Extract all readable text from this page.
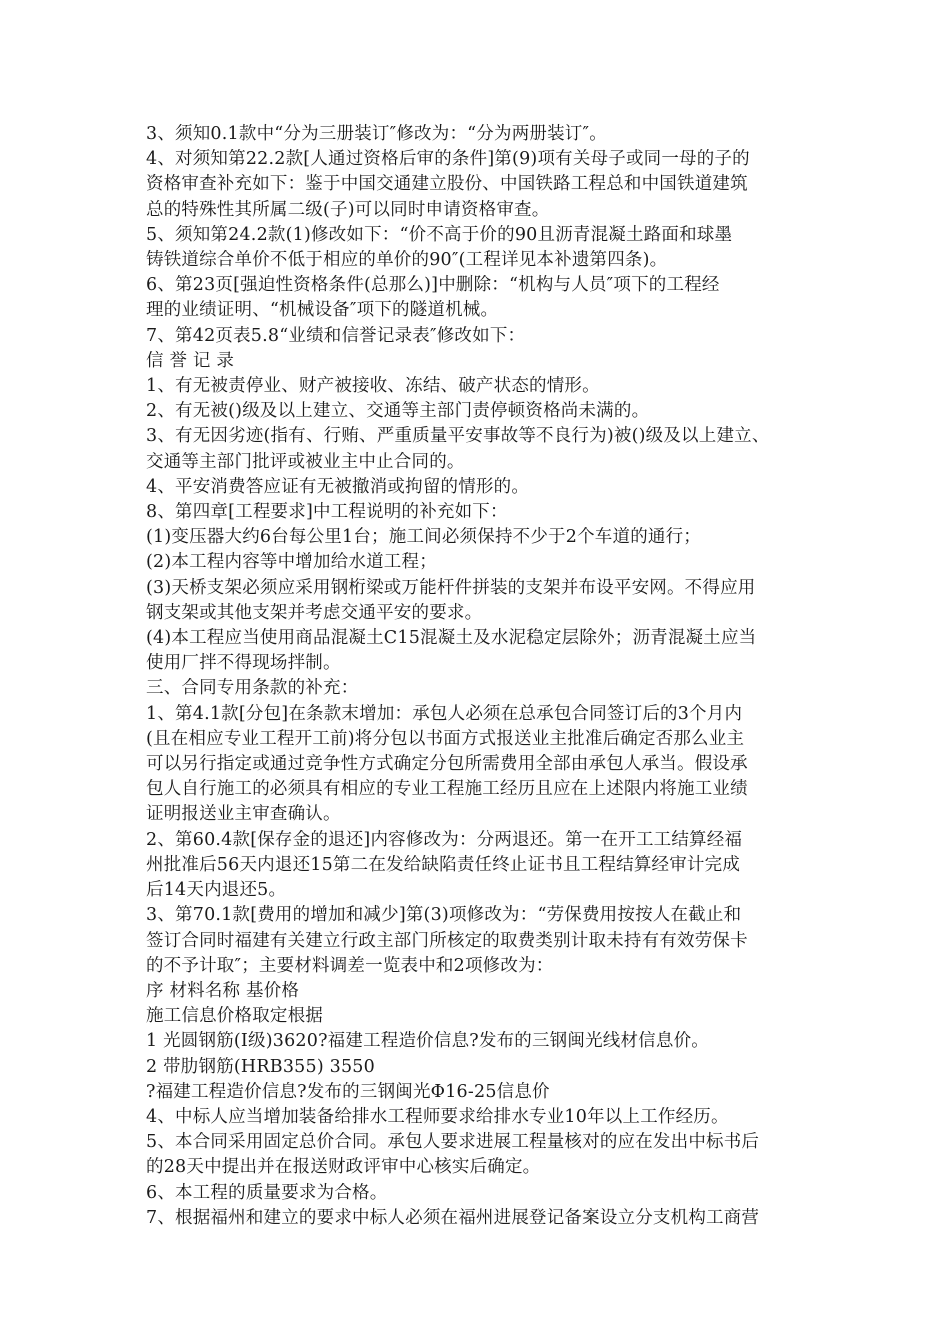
3、须知0.1款中“分为三册装订″修改为：“分为两册装订″。
4、对须知第22.2款[人通过资格后审的条件]第(9)项有关母子或同一母的子的
资格审查补充如下：鉴于中国交通建立股份、中国铁路工程总和中国铁道建筑
总的特殊性其所属二级(子)可以同时申请资格审查。
5、须知第24.2款(1)修改如下：“价不高于价的90且沥青混凝土路面和球墨
铸铁道综合单价不低于相应的单价的90″(工程详见本补遗第四条)。
6、第23页[强迫性资格条件(总那么)]中删除：“机构与人员″项下的工程经
理的业绩证明、“机械设备″项下的隧道机械。
7、第42页表5.8“业绩和信誉记录表″修改如下：
信 誉 记 录
1、有无被责停业、财产被接收、冻结、破产状态的情形。
2、有无被()级及以上建立、交通等主部门责停顿资格尚未满的。
3、有无因劣迹(指有、行贿、严重质量平安事故等不良行为)被()级及以上建立、
交通等主部门批评或被业主中止合同的。
4、平安消费答应证有无被撤消或拘留的情形的。
8、第四章[工程要求]中工程说明的补充如下：
(1)变压器大约6台每公里1台；施工间必须保持不少于2个车道的通行；
(2)本工程内容等中增加给水道工程；
(3)天桥支架必须应采用钢桁梁或万能杆件拼装的支架并布设平安网。不得应用
钢支架或其他支架并考虑交通平安的要求。
(4)本工程应当使用商品混凝土C15混凝土及水泥稳定层除外；沥青混凝土应当
使用厂拌不得现场拌制。
三、合同专用条款的补充：
1、第4.1款[分包]在条款末增加：承包人必须在总承包合同签订后的3个月内
(且在相应专业工程开工前)将分包以书面方式报送业主批准后确定否那么业主
可以另行指定或通过竞争性方式确定分包所需费用全部由承包人承当。假设承
包人自行施工的必须具有相应的专业工程施工经历且应在上述限内将施工业绩
证明报送业主审查确认。
2、第60.4款[保存金的退还]内容修改为：分两退还。第一在开工工结算经福
州批准后56天内退还15第二在发给缺陷责任终止证书且工程结算经审计完成
后14天内退还5。
3、第70.1款[费用的增加和减少]第(3)项修改为：“劳保费用按按人在截止和
签订合同时福建有关建立行政主部门所核定的取费类别计取未持有有效劳保卡
的不予计取″；主要材料调差一览表中和2项修改为：
序 材料名称 基价格
施工信息价格取定根据
1 光圆钢筋(Ⅰ级)3620?福建工程造价信息?发布的三钢闽光线材信息价。
2 带肋钢筋(HRB355) 3550
?福建工程造价信息?发布的三钢闽光Φ16-25信息价
4、中标人应当增加装备给排水工程师要求给排水专业10年以上工作经历。
5、本合同采用固定总价合同。承包人要求进展工程量核对的应在发出中标书后
的28天中提出并在报送财政评审中心核实后确定。
6、本工程的质量要求为合格。
7、根据福州和建立的要求中标人必须在福州进展登记备案设立分支机构工商营
